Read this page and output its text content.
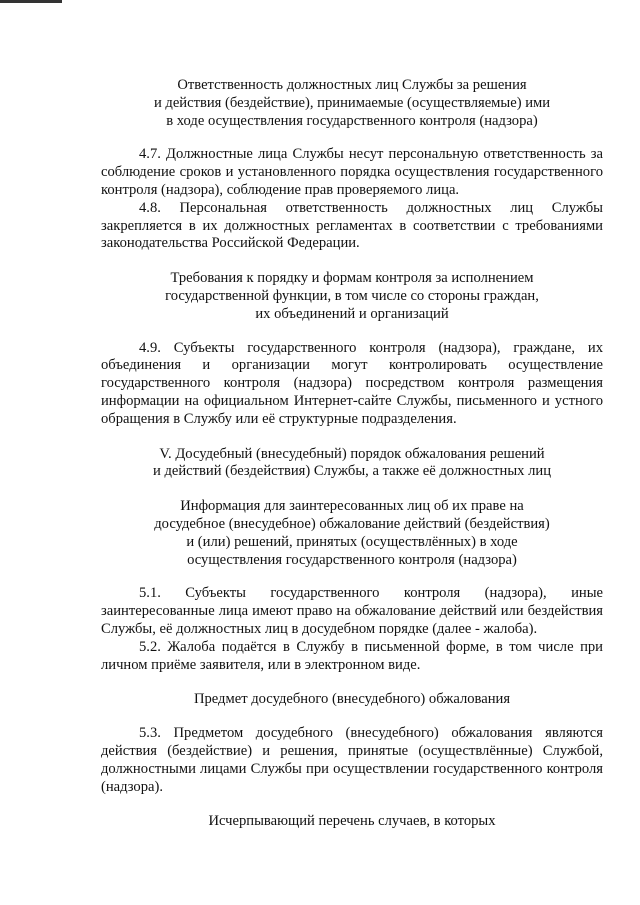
Ответственность должностных лиц Службы за решения
и действия (бездействие), принимаемые (осуществляемые) ими
в ходе осуществления государственного контроля (надзора)
4.7. Должностные лица Службы несут персональную ответственность за соблюдение сроков и установленного порядка осуществления государственного контроля (надзора), соблюдение прав проверяемого лица.
4.8. Персональная ответственность должностных лиц Службы закрепляется в их должностных регламентах в соответствии с требованиями законодательства Российской Федерации.
Требования к порядку и формам контроля за исполнением
государственной функции, в том числе со стороны граждан,
их объединений и организаций
4.9. Субъекты государственного контроля (надзора), граждане, их объединения и организации могут контролировать осуществление государственного контроля (надзора) посредством контроля размещения информации на официальном Интернет-сайте Службы, письменного и устного обращения в Службу или её структурные подразделения.
V. Досудебный (внесудебный) порядок обжалования решений
и действий (бездействия) Службы, а также её должностных лиц
Информация для заинтересованных лиц об их праве на
досудебное (внесудебное) обжалование действий (бездействия)
и (или) решений, принятых (осуществлённых) в ходе
осуществления государственного контроля (надзора)
5.1. Субъекты государственного контроля (надзора), иные заинтересованные лица имеют право на обжалование действий или бездействия Службы, её должностных лиц в досудебном порядке (далее - жалоба).
5.2. Жалоба подаётся в Службу в письменной форме, в том числе при личном приёме заявителя, или в электронном виде.
Предмет досудебного (внесудебного) обжалования
5.3. Предметом досудебного (внесудебного) обжалования являются действия (бездействие) и решения, принятые (осуществлённые) Службой, должностными лицами Службы при осуществлении государственного контроля (надзора).
Исчерпывающий перечень случаев, в которых
